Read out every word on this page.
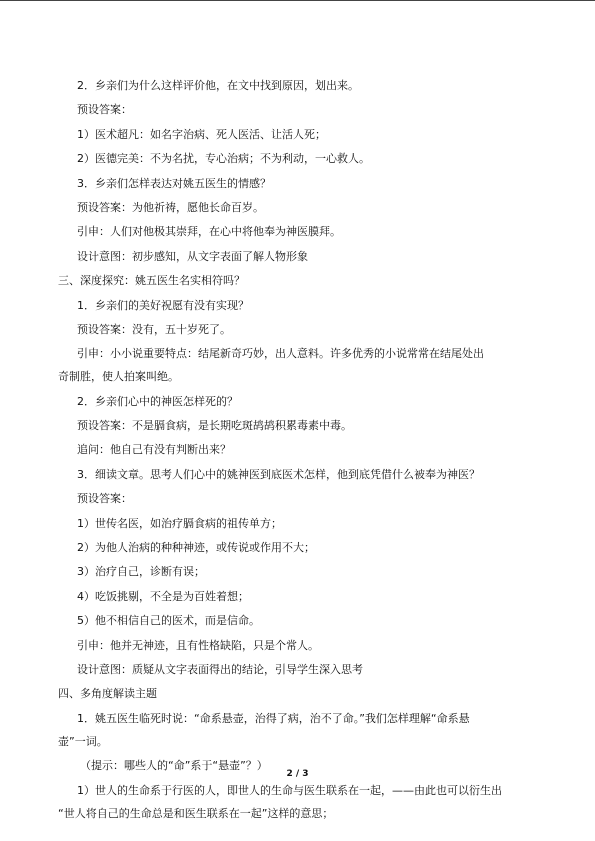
2．乡亲们为什么这样评价他，在文中找到原因，划出来。
预设答案：
1）医术超凡：如名字治病、死人医活、让活人死；
2）医德完美：不为名扰，专心治病；不为利动，一心救人。
3．乡亲们怎样表达对姚五医生的情感？
预设答案：为他祈祷，愿他长命百岁。
引申：人们对他极其崇拜，在心中将他奉为神医膜拜。
设计意图：初步感知，从文字表面了解人物形象
三、深度探究：姚五医生名实相符吗？
1．乡亲们的美好祝愿有没有实现？
预设答案：没有，五十岁死了。
引申：小小说重要特点：结尾新奇巧妙，出人意料。许多优秀的小说常常在结尾处出
奇制胜，使人拍案叫绝。
2．乡亲们心中的神医怎样死的？
预设答案：不是膈食病，是长期吃斑鸪鸪积累毒素中毒。
追问：他自己有没有判断出来？
3．细读文章。思考人们心中的姚神医到底医术怎样，他到底凭借什么被奉为神医？
预设答案：
1）世传名医，如治疗膈食病的祖传单方；
2）为他人治病的种种神迹，或传说或作用不大；
3）治疗自己，诊断有误；
4）吃饭挑剔，不全是为百姓着想；
5）他不相信自己的医术，而是信命。
引申：他并无神迹，且有性格缺陷，只是个常人。
设计意图：质疑从文字表面得出的结论，引导学生深入思考
四、多角度解读主题
1．姚五医生临死时说：“命系悬壶，治得了病，治不了命。”我们怎样理解“命系悬
壶”一词。
（提示：哪些人的“命”系于“悬壶”？）
1）世人的生命系于行医的人，即世人的生命与医生联系在一起，——由此也可以衍生出
“世人将自己的生命总是和医生联系在一起”这样的意思；
2 / 3
